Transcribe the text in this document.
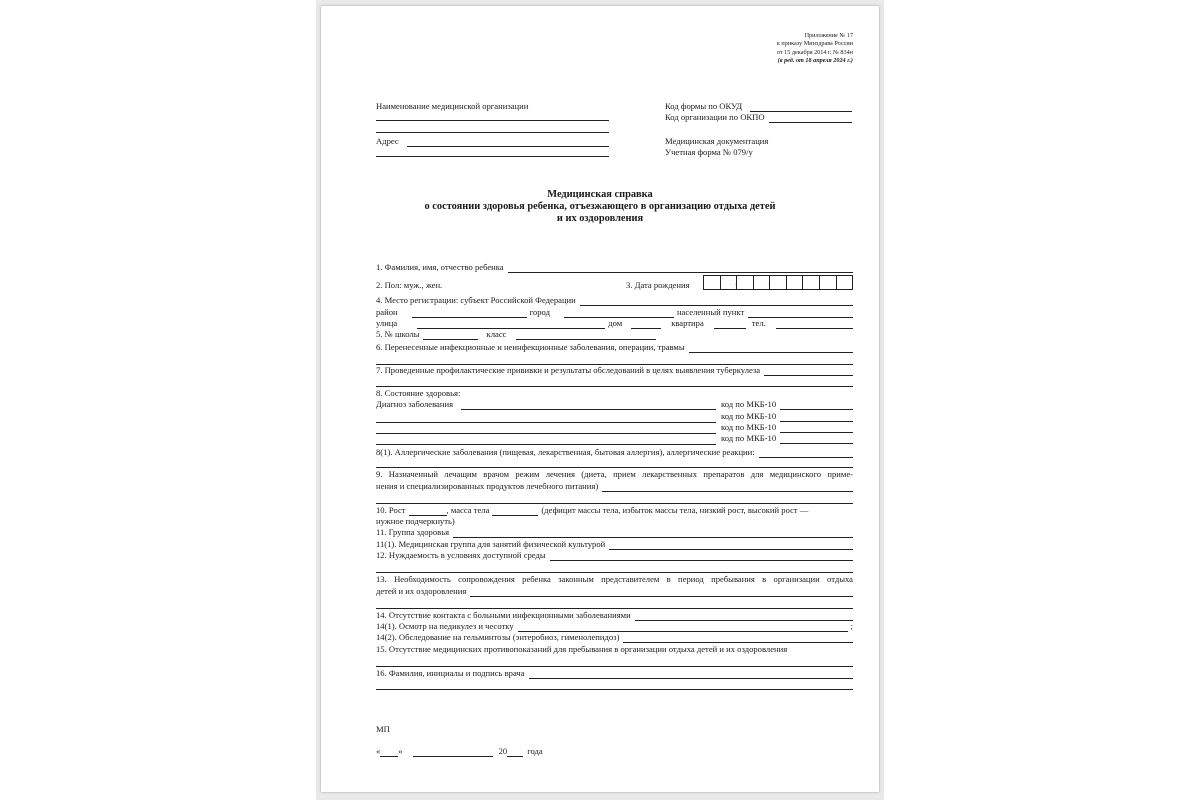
Приложение № 17
к приказу Минздрава России
от 15 декабря 2014 г. № 834н
(в ред. от 18 апреля 2024 г.)
Наименование медицинской организации
Адрес
Код формы по ОКУД
Код организации по ОКПО
Медицинская документация
Учетная форма № 079/у
Медицинская справка
о состоянии здоровья ребенка, отъезжающего в организацию отдыха детей
и их оздоровления
1. Фамилия, имя, отчество ребенка
2. Пол: муж., жен.	3. Дата рождения	.	.
4. Место регистрации: субъект Российской Федерации
район	город	населенный пункт
улица	дом	квартира	тел.
5. № школы	класс
6. Перенесенные инфекционные и неинфекционные заболевания, операции, травмы
7. Проведенные профилактические прививки и результаты обследований в целях выявления туберкулеза
8. Состояние здоровья:
Диагноз заболевания	код по МКБ-10
код по МКБ-10
код по МКБ-10
код по МКБ-10
8(1). Аллергические заболевания (пищевая, лекарственная, бытовая аллергия), аллергические реакции:
9. Назначенный лечащим врачом режим лечения (диета, прием лекарственных препаратов для медицинского приме-
нения и специализированных продуктов лечебного питания)
10. Рост	, масса тела	(дефицит массы тела, избыток массы тела, низкий рост, высокий рост —
нужное подчеркнуть)
11. Группа здоровья
11(1). Медицинская группа для занятий физической культурой
12. Нуждаемость в условиях доступной среды
13. Необходимость сопровождения ребенка законным представителем в период пребывания в организации отдыха
детей и их оздоровления
14. Отсутствие контакта с больными инфекционными заболеваниями
14(1). Осмотр на педикулез и чесотку	;
14(2). Обследование на гельминтозы (энтеробиоз, гименолепидоз)
15. Отсутствие медицинских противопоказаний для пребывания в организации отдыха детей и их оздоровления
16. Фамилия, инициалы и подпись врача
МП
« »	20 года
